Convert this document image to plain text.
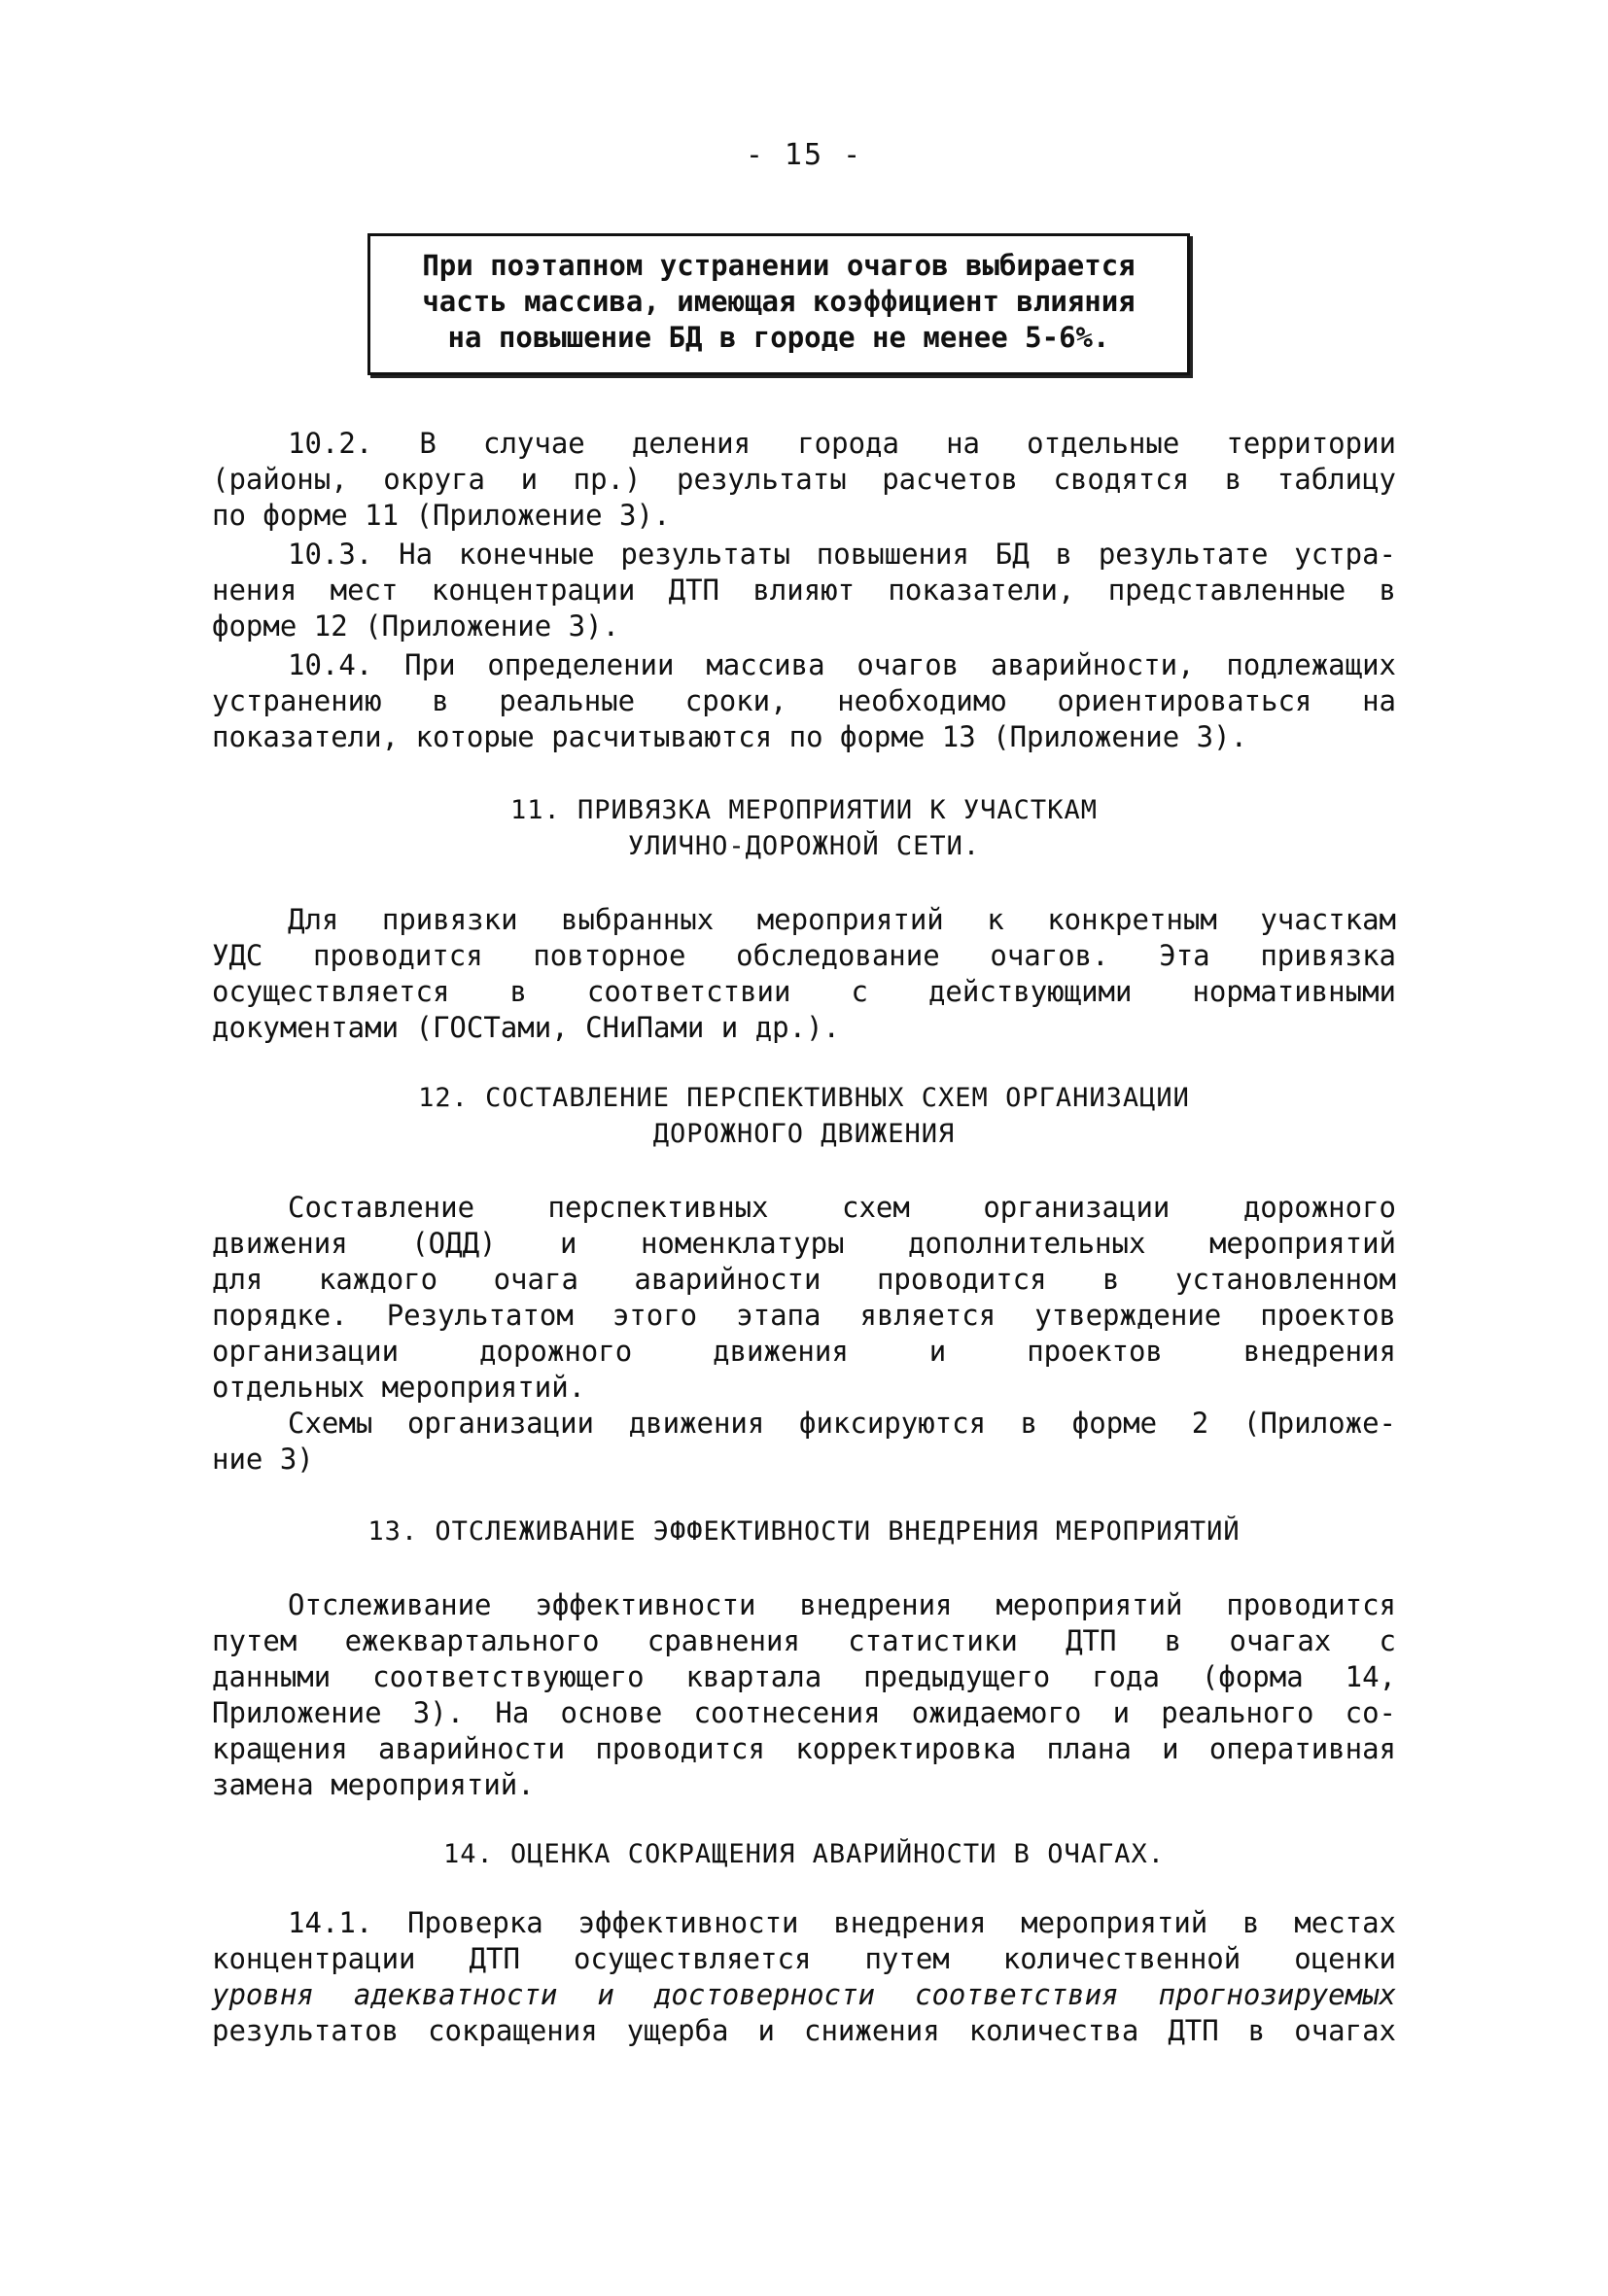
- 15 -
При поэтапном устранении очагов выбирается
часть массива, имеющая коэффициент влияния
на повышение БД в городе не менее 5-6%.
10.2. В случае деления города на отдельные территории
(районы, округа и пр.) результаты расчетов сводятся в таблицу
по форме 11 (Приложение 3).
10.3. На конечные результаты повышения БД в результате устра-
нения мест концентрации ДТП влияют показатели, представленные в
форме 12 (Приложение 3).
10.4. При определении массива очагов аварийности, подлежащих
устранению в реальные сроки, необходимо ориентироваться на
показатели, которые расчитываются по форме 13 (Приложение 3).
11. ПРИВЯЗКА МЕРОПРИЯТИИ К УЧАСТКАМ
УЛИЧНО-ДОРОЖНОЙ СЕТИ.
Для привязки выбранных мероприятий к конкретным участкам
УДС проводится повторное обследование очагов. Эта привязка
осуществляется в соответствии с действующими нормативными
документами (ГОСТами, СНиПами и др.).
12. СОСТАВЛЕНИЕ ПЕРСПЕКТИВНЫХ СХЕМ ОРГАНИЗАЦИИ
ДОРОЖНОГО ДВИЖЕНИЯ
Составление перспективных схем организации дорожного
движения (ОДД) и номенклатуры дополнительных мероприятий
для каждого очага аварийности проводится в установленном
порядке. Результатом этого этапа является утверждение проектов
организации дорожного движения и проектов внедрения
отдельных мероприятий.
Схемы организации движения фиксируются в форме 2 (Приложе-
ние 3)
13. ОТСЛЕЖИВАНИЕ ЭФФЕКТИВНОСТИ ВНЕДРЕНИЯ МЕРОПРИЯТИЙ
Отслеживание эффективности внедрения мероприятий проводится
путем ежеквартального сравнения статистики ДТП в очагах с
данными соответствующего квартала предыдущего года (форма 14,
Приложение 3). На основе соотнесения ожидаемого и реального со-
кращения аварийности проводится корректировка плана и оперативная
замена мероприятий.
14. ОЦЕНКА СОКРАЩЕНИЯ АВАРИЙНОСТИ В ОЧАГАХ.
14.1. Проверка эффективности внедрения мероприятий в местах
концентрации ДТП осуществляется путем количественной оценки
уровня адекватности и достоверности соответствия прогнозируемых
результатов сокращения ущерба и снижения количества ДТП в очагах
